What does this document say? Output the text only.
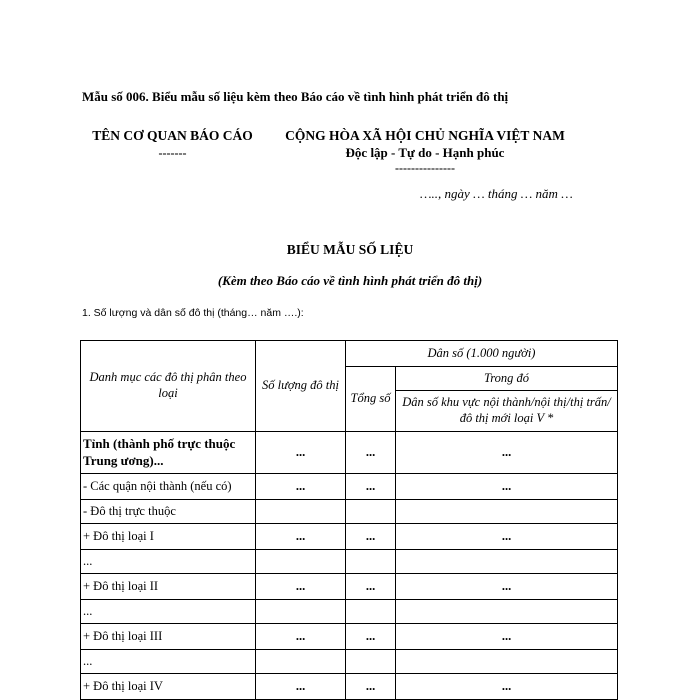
Mẫu số 006. Biểu mẫu số liệu kèm theo Báo cáo về tình hình phát triển đô thị
TÊN CƠ QUAN BÁO CÁO
-------
CỘNG HÒA XÃ HỘI CHỦ NGHĨA VIỆT NAM
Độc lập - Tự do - Hạnh phúc
---------------
….., ngày … tháng … năm …
BIỂU MẪU SỐ LIỆU
(Kèm theo Báo cáo về tình hình phát triển đô thị)
1. Số lượng và dân số đô thị (tháng… năm ….):
Danh mục các đô thị phân theo loại	Số lượng đô thị	Dân số (1.000 người)	
		Tổng số	Trong đó
			Dân số khu vực nội thành/nội thị/thị trấn/đô thị mới loại V *
Tỉnh (thành phố trực thuộc Trung ương)...	...	...	...
- Các quận nội thành (nếu có)	...	...	...
- Đô thị trực thuộc			
+ Đô thị loại I	...	...	...
...			
+ Đô thị loại II	...	...	...
...			
+ Đô thị loại III	...	...	...
...			
+ Đô thị loại IV	...	...	...
